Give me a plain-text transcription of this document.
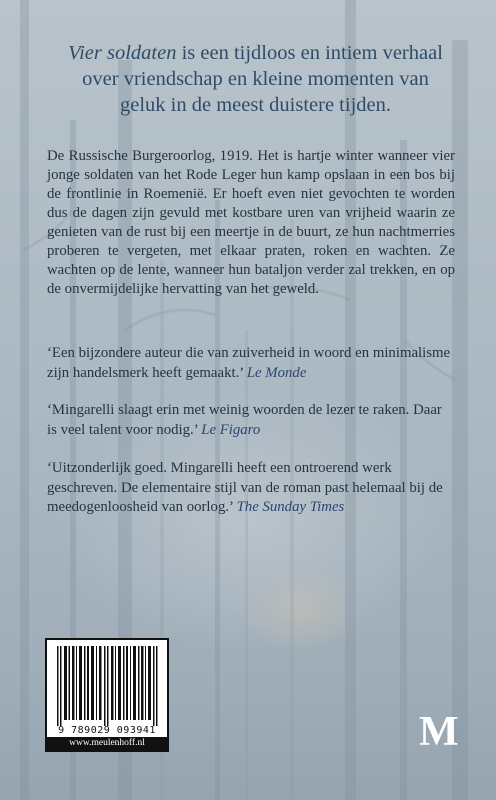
Vier soldaten is een tijdloos en intiem verhaal over vriendschap en kleine momenten van geluk in de meest duistere tijden.

De Russische Burgeroorlog, 1919. Het is hartje winter wanneer vier jonge soldaten van het Rode Leger hun kamp opslaan in een bos bij de frontlinie in Roemenië. Er hoeft even niet gevochten te worden dus de dagen zijn gevuld met kostbare uren van vrijheid waarin ze genieten van de rust bij een meertje in de buurt, ze hun nachtmerries proberen te vergeten, met elkaar praten, roken en wachten. Ze wachten op de lente, wanneer hun bataljon verder zal trekken, en op de onvermijdelijke hervatting van het geweld.

‘Een bijzondere auteur die van zuiverheid in woord en minimalisme zijn handelsmerk heeft gemaakt.’ Le Monde

‘Mingarelli slaagt erin met weinig woorden de lezer te raken. Daar is veel talent voor nodig.’ Le Figaro

‘Uitzonderlijk goed. Mingarelli heeft een ontroerend werk geschreven. De elementaire stijl van de roman past helemaal bij de meedogenloosheid van oorlog.’ The Sunday Times

9 789029 093941
www.meulenhoff.nl	M
